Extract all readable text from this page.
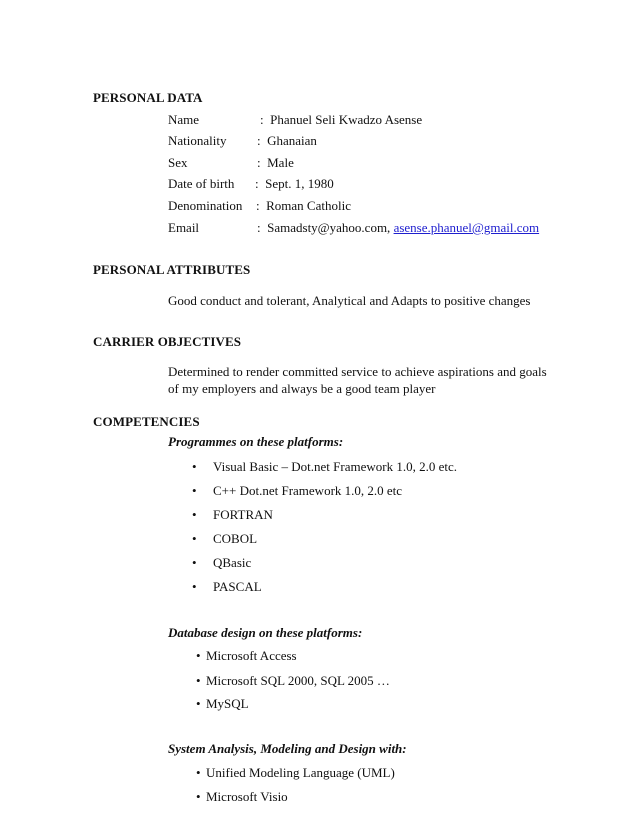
PERSONAL DATA
Name	: Phanuel Seli Kwadzo Asense
Nationality : Ghanaian
Sex	: Male
Date of birth : Sept. 1, 1980
Denomination : Roman Catholic
Email	: Samadsty@yahoo.com, asense.phanuel@gmail.com
PERSONAL ATTRIBUTES
Good conduct and tolerant, Analytical and Adapts to positive changes
CARRIER OBJECTIVES
Determined to render committed service to achieve aspirations and goals of my employers and always be a good team player
COMPETENCIES
Programmes on these platforms:
• Visual Basic – Dot.net Framework 1.0, 2.0 etc.
• C++ Dot.net Framework 1.0, 2.0 etc
• FORTRAN
• COBOL
• QBasic
• PASCAL
Database design on these platforms:
• Microsoft Access
• Microsoft SQL 2000, SQL 2005 …
• MySQL
System Analysis, Modeling and Design with:
• Unified Modeling Language (UML)
• Microsoft Visio
